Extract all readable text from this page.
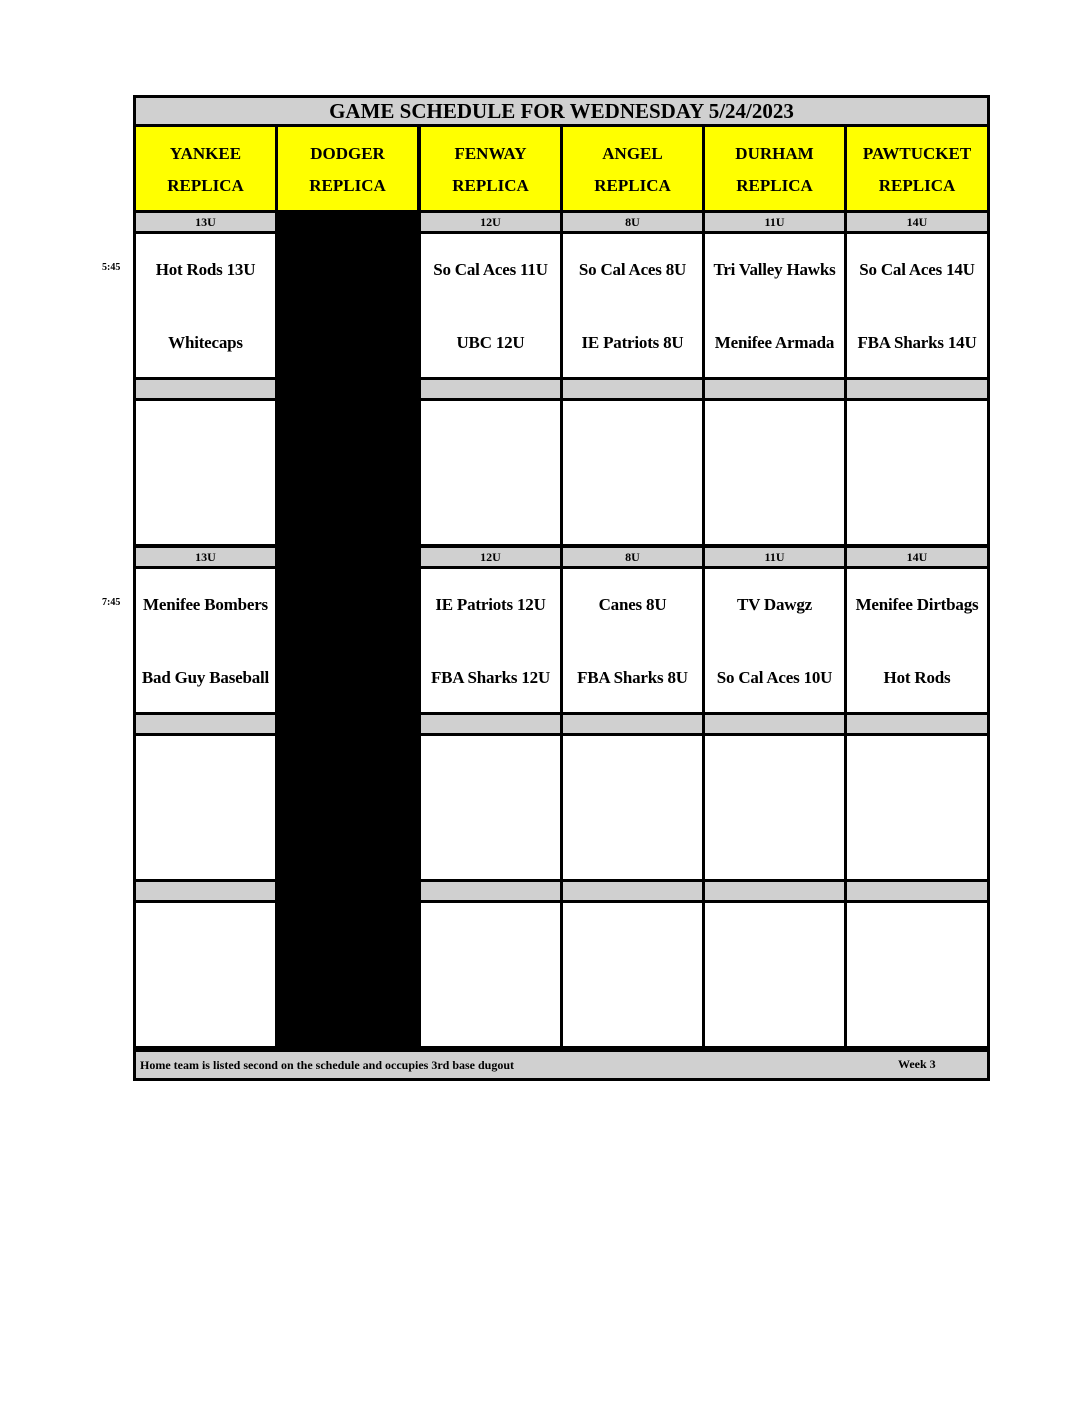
GAME SCHEDULE FOR WEDNESDAY 5/24/2023
Home team is listed second on the schedule and occupies 3rd base dugout
YANKEE
REPLICA
DODGER
REPLICA
FENWAY
REPLICA
ANGEL
REPLICA
DURHAM
REPLICA
PAWTUCKET
REPLICA
13U
Hot Rods 13U
Whitecaps
12U
So Cal Aces 11U
UBC 12U
8U
So Cal Aces 8U
IE Patriots 8U
11U
Tri Valley Hawks
Menifee Armada
14U
So Cal Aces 14U
FBA Sharks 14U
13U
Menifee Bombers
Bad Guy Baseball
12U
IE Patriots 12U
FBA Sharks 12U
8U
Canes 8U
FBA Sharks 8U
11U
TV Dawgz
So Cal Aces 10U
14U
Menifee Dirtbags
Hot Rods
Week 3
5:45
7:45
